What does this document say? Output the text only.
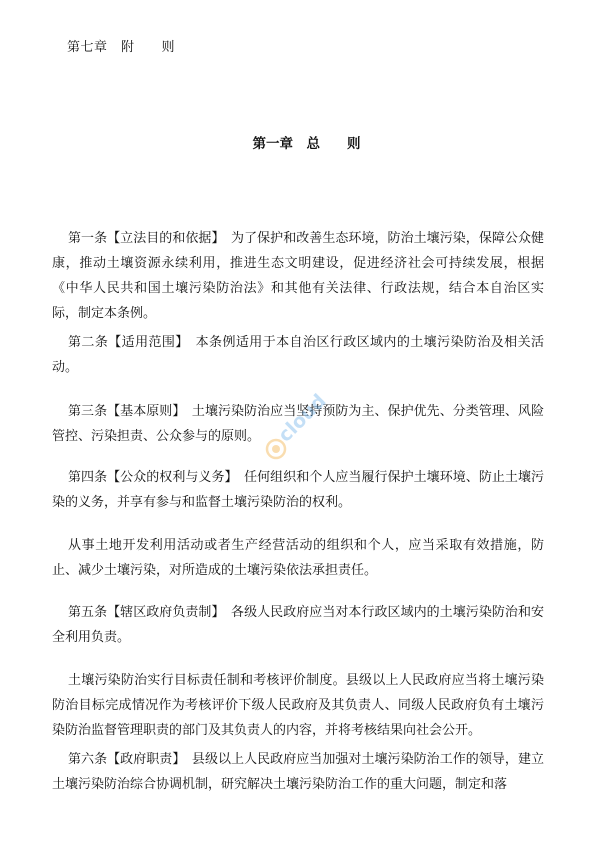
第七章　附　　则
第一章　总　　则
第一条【立法目的和依据】　为了保护和改善生态环境，防治土壤污染，保障公众健康，推动土壤资源永续利用，推进生态文明建设，促进经济社会可持续发展，根据《中华人民共和国土壤污染防治法》和其他有关法律、行政法规，结合本自治区实际，制定本条例。
第二条【适用范围】　本条例适用于本自治区行政区域内的土壤污染防治及相关活动。
第三条【基本原则】　土壤污染防治应当坚持预防为主、保护优先、分类管理、风险管控、污染担责、公众参与的原则。
第四条【公众的权利与义务】　任何组织和个人应当履行保护土壤环境、防止土壤污染的义务，并享有参与和监督土壤污染防治的权利。
从事土地开发利用活动或者生产经营活动的组织和个人，应当采取有效措施，防止、减少土壤污染，对所造成的土壤污染依法承担责任。
第五条【辖区政府负责制】　各级人民政府应当对本行政区域内的土壤污染防治和安全利用负责。
土壤污染防治实行目标责任制和考核评价制度。县级以上人民政府应当将土壤污染防治目标完成情况作为考核评价下级人民政府及其负责人、同级人民政府负有土壤污染防治监督管理职责的部门及其负责人的内容，并将考核结果向社会公开。
第六条【政府职责】　县级以上人民政府应当加强对土壤污染防治工作的领导，建立土壤污染防治综合协调机制，研究解决土壤污染防治工作的重大问题，制定和落
cloud
